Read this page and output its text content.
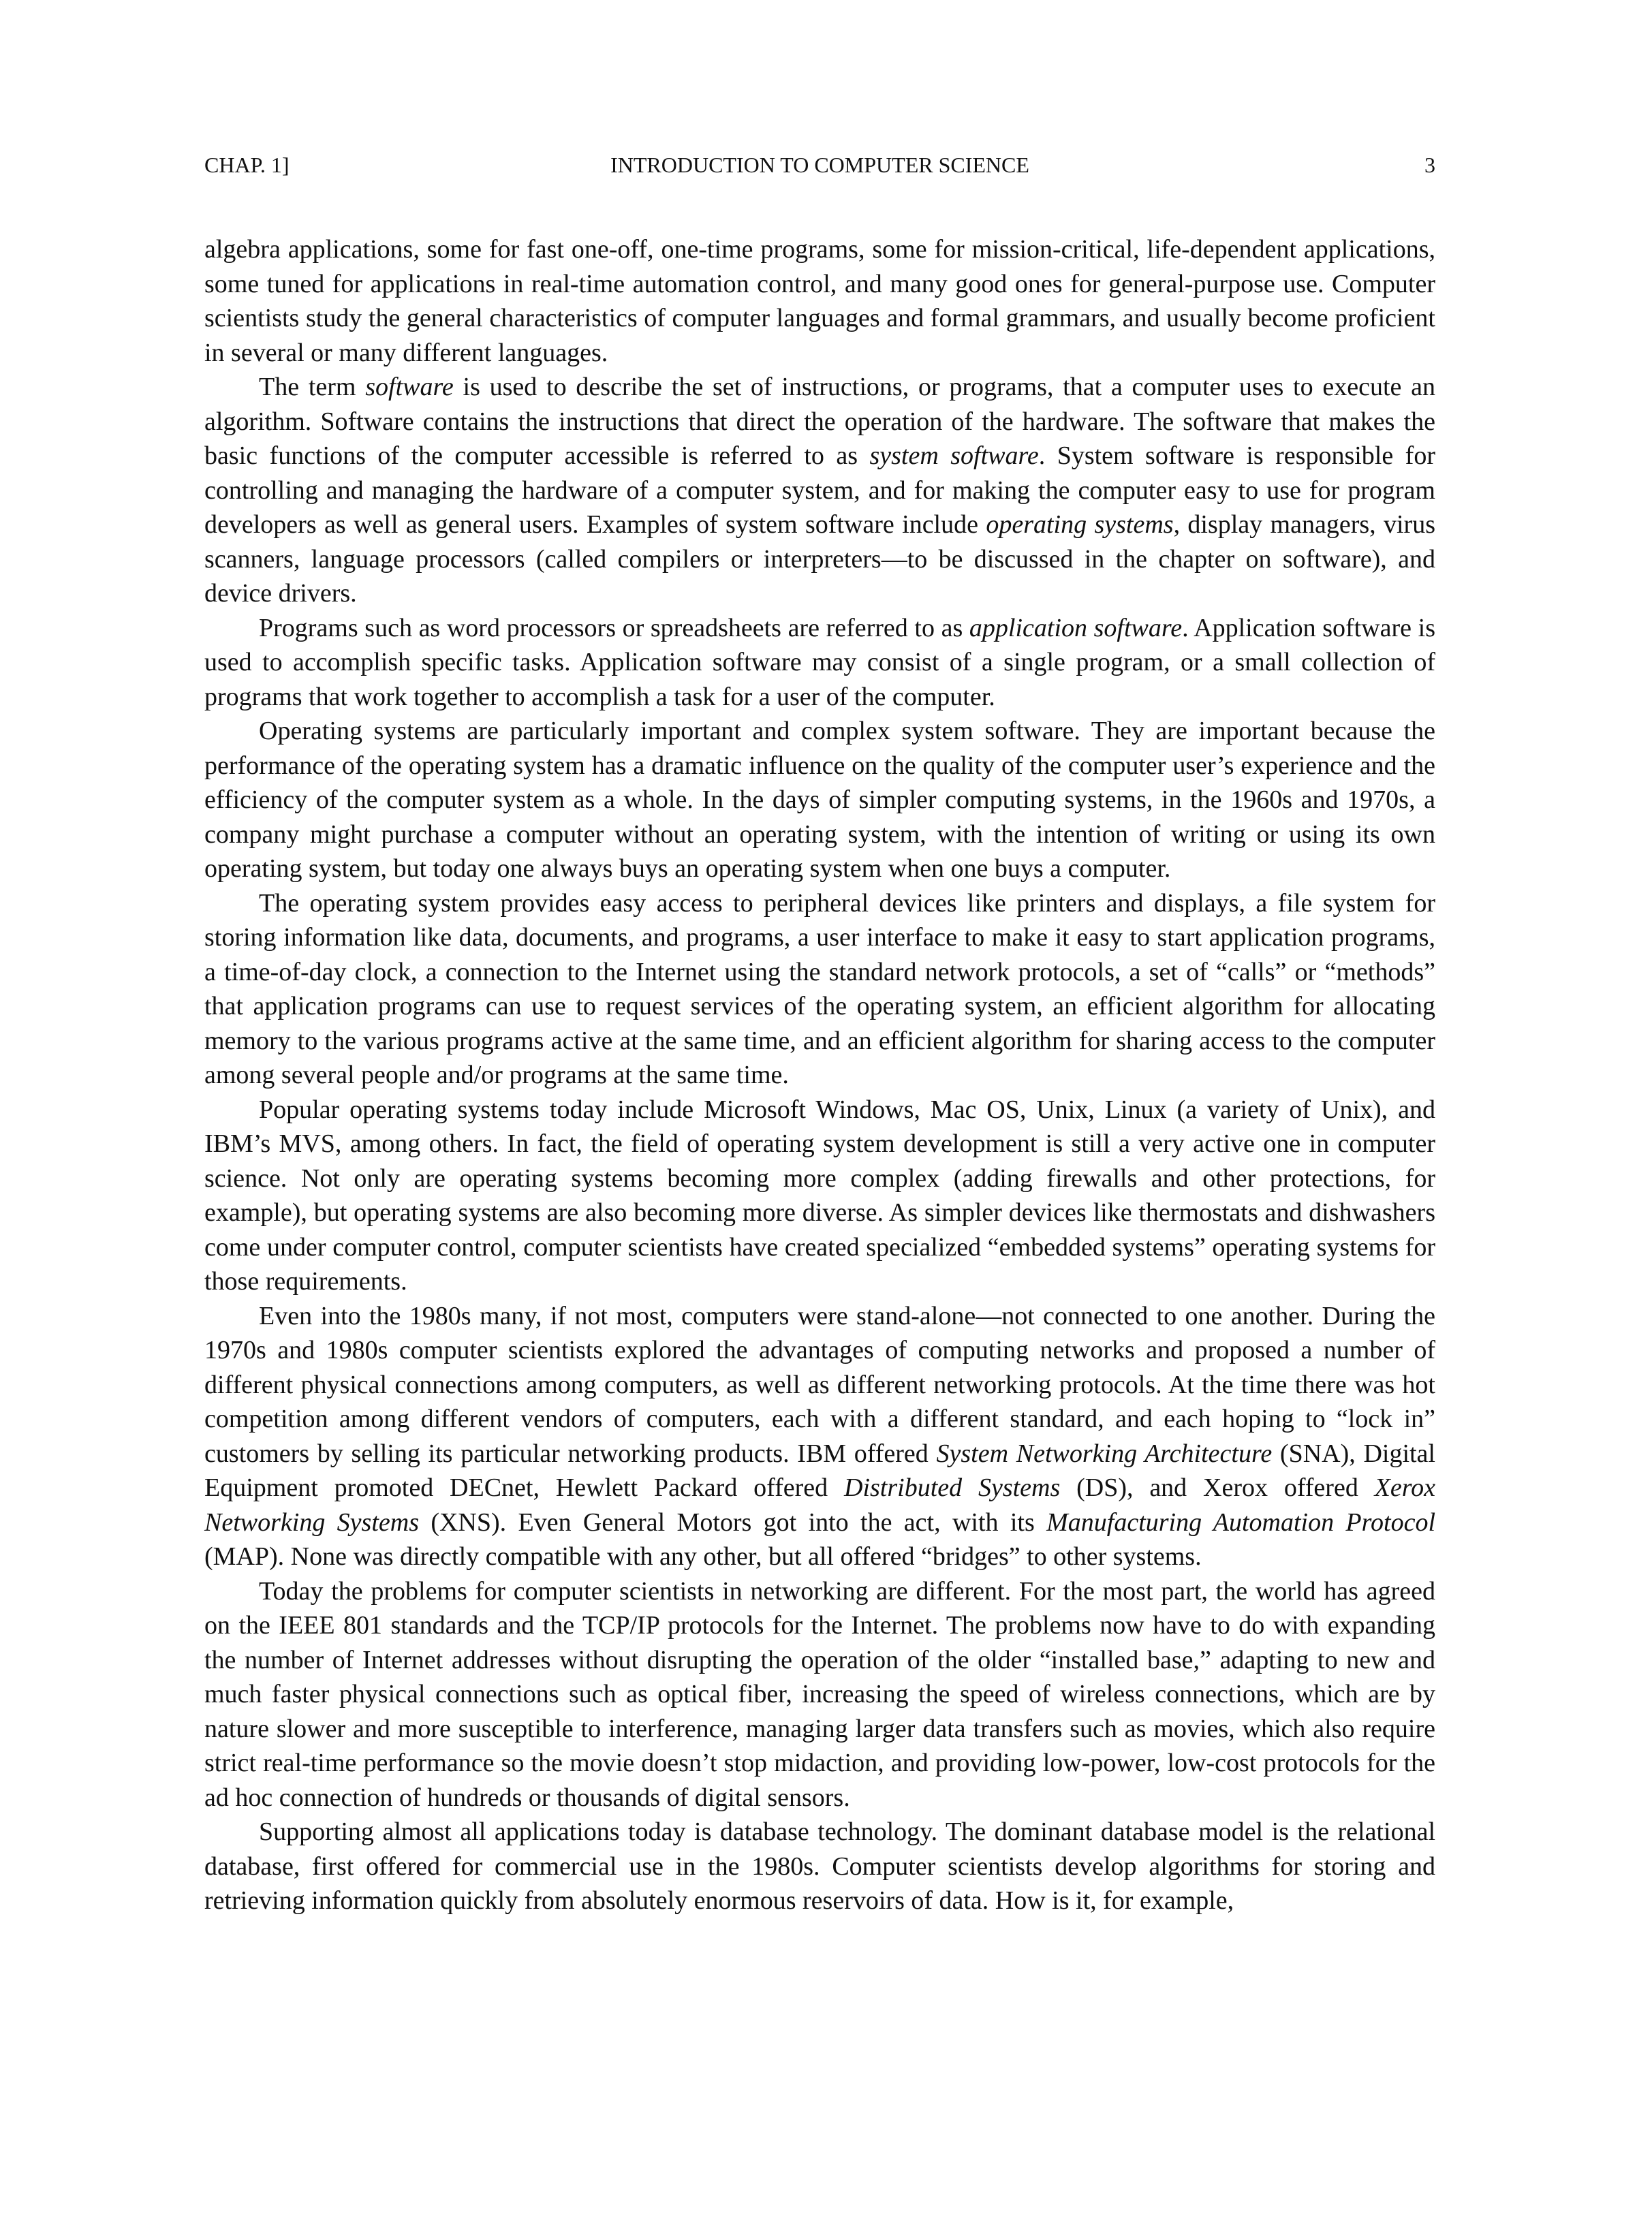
CHAP. 1]	INTRODUCTION TO COMPUTER SCIENCE	3

algebra applications, some for fast one-off, one-time programs, some for mission-critical, life-dependent applications, some tuned for applications in real-time automation control, and many good ones for general-purpose use. Computer scientists study the general characteristics of computer languages and formal grammars, and usually become proficient in several or many different languages.

The term software is used to describe the set of instructions, or programs, that a computer uses to execute an algorithm. Software contains the instructions that direct the operation of the hardware. The software that makes the basic functions of the computer accessible is referred to as system software. System software is responsible for controlling and managing the hardware of a computer system, and for making the computer easy to use for program developers as well as general users. Examples of system software include operating systems, display managers, virus scanners, language processors (called compilers or interpreters—to be discussed in the chapter on software), and device drivers.

Programs such as word processors or spreadsheets are referred to as application software. Application software is used to accomplish specific tasks. Application software may consist of a single program, or a small collection of programs that work together to accomplish a task for a user of the computer.

Operating systems are particularly important and complex system software. They are important because the performance of the operating system has a dramatic influence on the quality of the computer user’s experience and the efficiency of the computer system as a whole. In the days of simpler computing systems, in the 1960s and 1970s, a company might purchase a computer without an operating system, with the intention of writing or using its own operating system, but today one always buys an operating system when one buys a computer.

The operating system provides easy access to peripheral devices like printers and displays, a file system for storing information like data, documents, and programs, a user interface to make it easy to start application programs, a time-of-day clock, a connection to the Internet using the standard network protocols, a set of “calls” or “methods” that application programs can use to request services of the operating system, an efficient algorithm for allocating memory to the various programs active at the same time, and an efficient algorithm for sharing access to the computer among several people and/or programs at the same time.

Popular operating systems today include Microsoft Windows, Mac OS, Unix, Linux (a variety of Unix), and IBM’s MVS, among others. In fact, the field of operating system development is still a very active one in computer science. Not only are operating systems becoming more complex (adding firewalls and other protections, for example), but operating systems are also becoming more diverse. As simpler devices like thermostats and dishwashers come under computer control, computer scientists have created specialized “embedded systems” operating systems for those requirements.

Even into the 1980s many, if not most, computers were stand-alone—not connected to one another. During the 1970s and 1980s computer scientists explored the advantages of computing networks and proposed a number of different physical connections among computers, as well as different networking protocols. At the time there was hot competition among different vendors of computers, each with a different standard, and each hoping to “lock in” customers by selling its particular networking products. IBM offered System Networking Architecture (SNA), Digital Equipment promoted DECnet, Hewlett Packard offered Distributed Systems (DS), and Xerox offered Xerox Networking Systems (XNS). Even General Motors got into the act, with its Manufacturing Automation Protocol (MAP). None was directly compatible with any other, but all offered “bridges” to other systems.

Today the problems for computer scientists in networking are different. For the most part, the world has agreed on the IEEE 801 standards and the TCP/IP protocols for the Internet. The problems now have to do with expanding the number of Internet addresses without disrupting the operation of the older “installed base,” adapting to new and much faster physical connections such as optical fiber, increasing the speed of wireless connections, which are by nature slower and more susceptible to interference, managing larger data transfers such as movies, which also require strict real-time performance so the movie doesn’t stop midaction, and providing low-power, low-cost protocols for the ad hoc connection of hundreds or thousands of digital sensors.

Supporting almost all applications today is database technology. The dominant database model is the relational database, first offered for commercial use in the 1980s. Computer scientists develop algorithms for storing and retrieving information quickly from absolutely enormous reservoirs of data. How is it, for example,
